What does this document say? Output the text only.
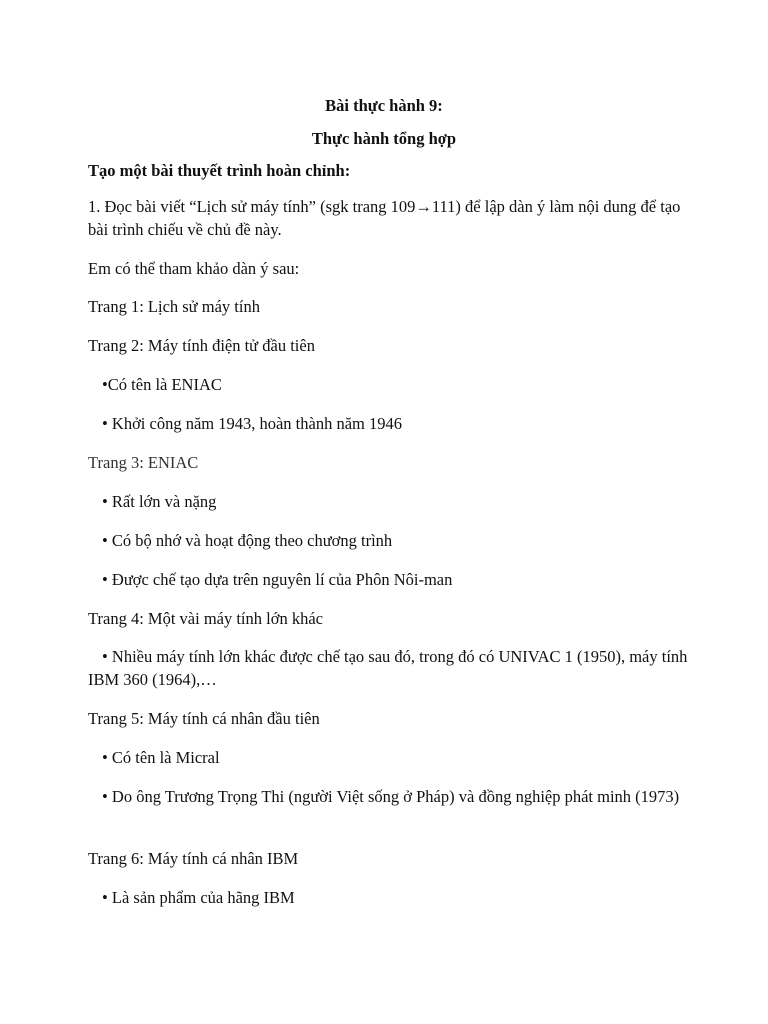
Bài thực hành 9:
Thực hành tổng hợp
Tạo một bài thuyết trình hoàn chỉnh:
1. Đọc bài viết “Lịch sử máy tính” (sgk trang 109→111) để lập dàn ý làm nội dung để tạo bài trình chiếu về chủ đề này.
Em có thể tham khảo dàn ý sau:
Trang 1: Lịch sử máy tính
Trang 2: Máy tính điện tử đầu tiên
•Có tên là ENIAC
• Khởi công năm 1943, hoàn thành năm 1946
Trang 3: ENIAC
• Rất lớn và nặng
• Có bộ nhớ và hoạt động theo chương trình
• Được chế tạo dựa trên nguyên lí của Phôn Nôi-man
Trang 4: Một vài máy tính lớn khác
• Nhiều máy tính lớn khác được chế tạo sau đó, trong đó có UNIVAC 1 (1950), máy tính IBM 360 (1964),…
Trang 5: Máy tính cá nhân đầu tiên
• Có tên là Micral
• Do ông Trương Trọng Thi (người Việt sống ở Pháp) và đồng nghiệp phát minh (1973)
Trang 6: Máy tính cá nhân IBM
• Là sản phẩm của hãng IBM
